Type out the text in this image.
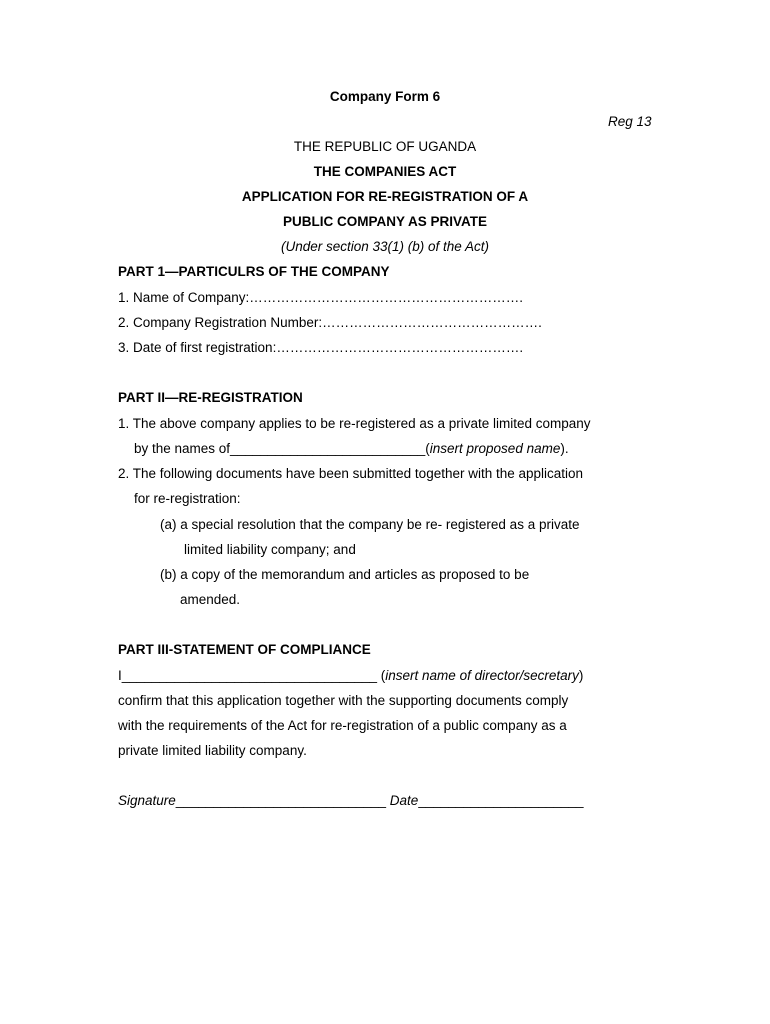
Company Form 6
Reg 13
THE REPUBLIC OF UGANDA
THE COMPANIES ACT
APPLICATION FOR RE-REGISTRATION OF A
PUBLIC COMPANY AS PRIVATE
(Under section 33(1) (b) of the Act)
PART 1—PARTICULRS OF THE COMPANY
1. Name of Company:…………………………………………………….
2. Company Registration Number:………………………………………….
3. Date of first registration:……………………………………………….
PART II—RE-REGISTRATION
1. The above company applies to be re-registered as a private limited company
by the names of__________________________(insert proposed name).
2. The following documents have been submitted together with the application
for re-registration:
(a) a special resolution that the company be re- registered as a private
limited liability company; and
(b) a copy of the memorandum and articles as proposed to be
amended.
PART III-STATEMENT OF COMPLIANCE
I__________________________________ (insert name of director/secretary)
confirm that this application together with the supporting documents comply
with the requirements of the Act for re-registration of a public company as a
private limited liability company.
Signature____________________________ Date______________________
